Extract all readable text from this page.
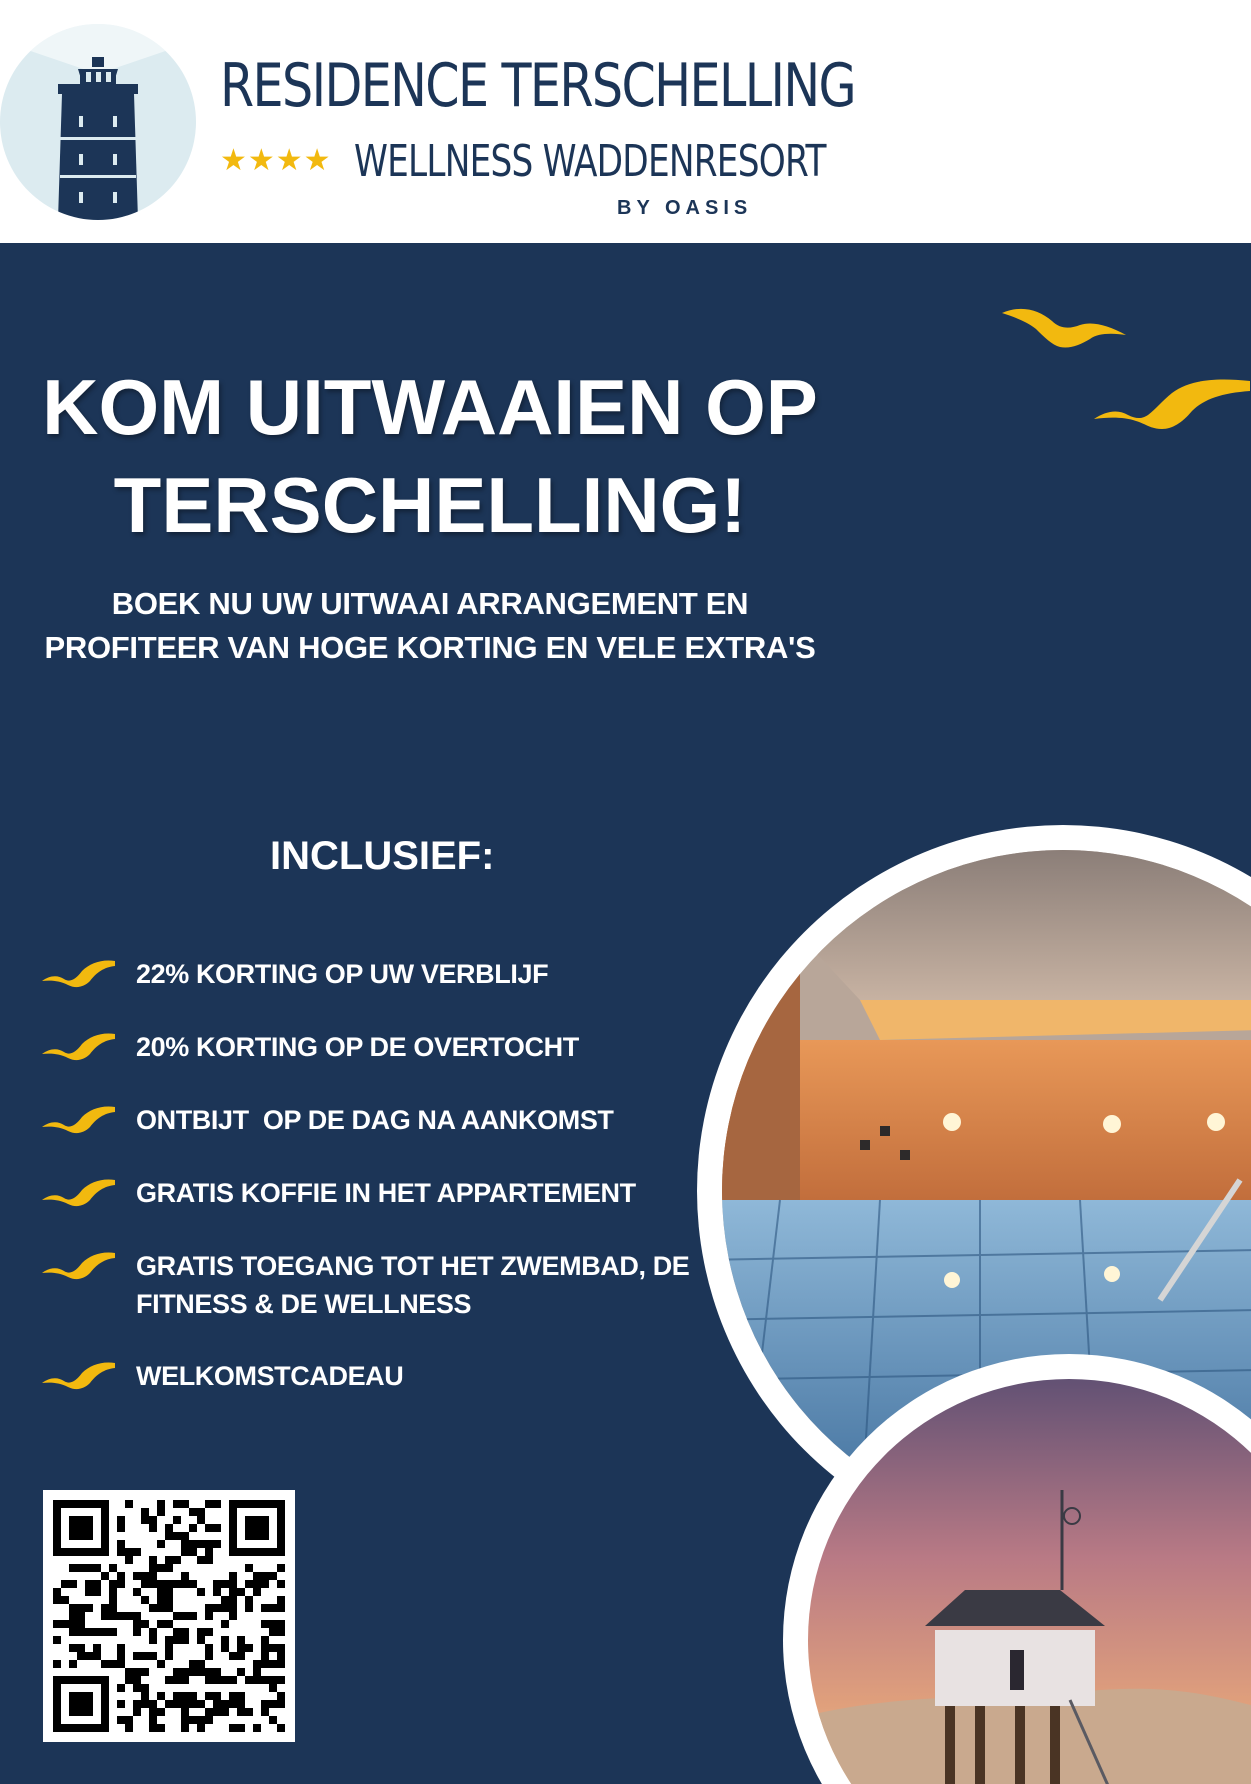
RESIDENCE TERSCHELLING
★★★★ WELLNESS WADDENRESORT
BY OASIS
KOM UITWAAIEN OP
TERSCHELLING!
BOEK NU UW UITWAAI ARRANGEMENT EN
PROFITEER VAN HOGE KORTING EN VELE EXTRA'S
INCLUSIEF:
22% KORTING OP UW VERBLIJF
20% KORTING OP DE OVERTOCHT
ONTBIJT  OP DE DAG NA AANKOMST
GRATIS KOFFIE IN HET APPARTEMENT
GRATIS TOEGANG TOT HET ZWEMBAD, DE
FITNESS & DE WELLNESS
WELKOMSTCADEAU
